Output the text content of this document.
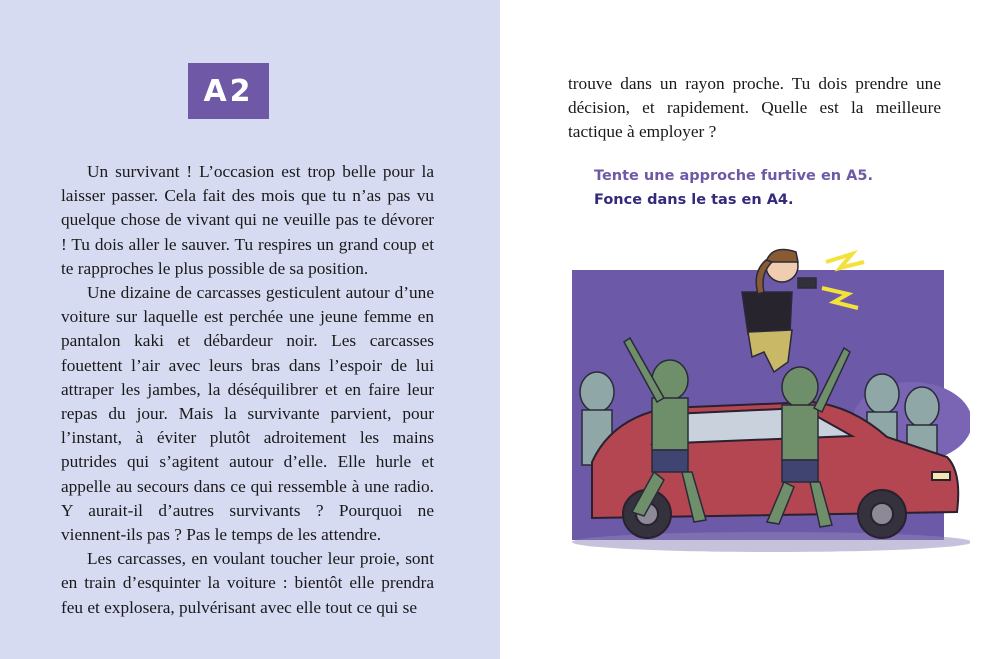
A2

Un survivant ! L’occasion est trop belle pour la laisser passer. Cela fait des mois que tu n’as pas vu quelque chose de vivant qui ne veuille pas te dévorer ! Tu dois aller le sauver. Tu respires un grand coup et te rapproches le plus possible de sa position.

Une dizaine de carcasses gesticulent autour d’une voiture sur laquelle est perchée une jeune femme en pantalon kaki et débardeur noir. Les carcasses fouettent l’air avec leurs bras dans l’espoir de lui attraper les jambes, la déséquilibrer et en faire leur repas du jour. Mais la survivante parvient, pour l’instant, à éviter plutôt adroitement les mains putrides qui s’agitent autour d’elle. Elle hurle et appelle au secours dans ce qui ressemble à une radio. Y aurait-il d’autres survivants ? Pourquoi ne viennent-ils pas ? Pas le temps de les attendre.

Les carcasses, en voulant toucher leur proie, sont en train d’esquinter la voiture : bientôt elle prendra feu et explosera, pulvérisant avec elle tout ce qui se

trouve dans un rayon proche. Tu dois prendre une décision, et rapidement. Quelle est la meilleure tactique à employer ?

Tente une approche furtive en A5.
Fonce dans le tas en A4.
